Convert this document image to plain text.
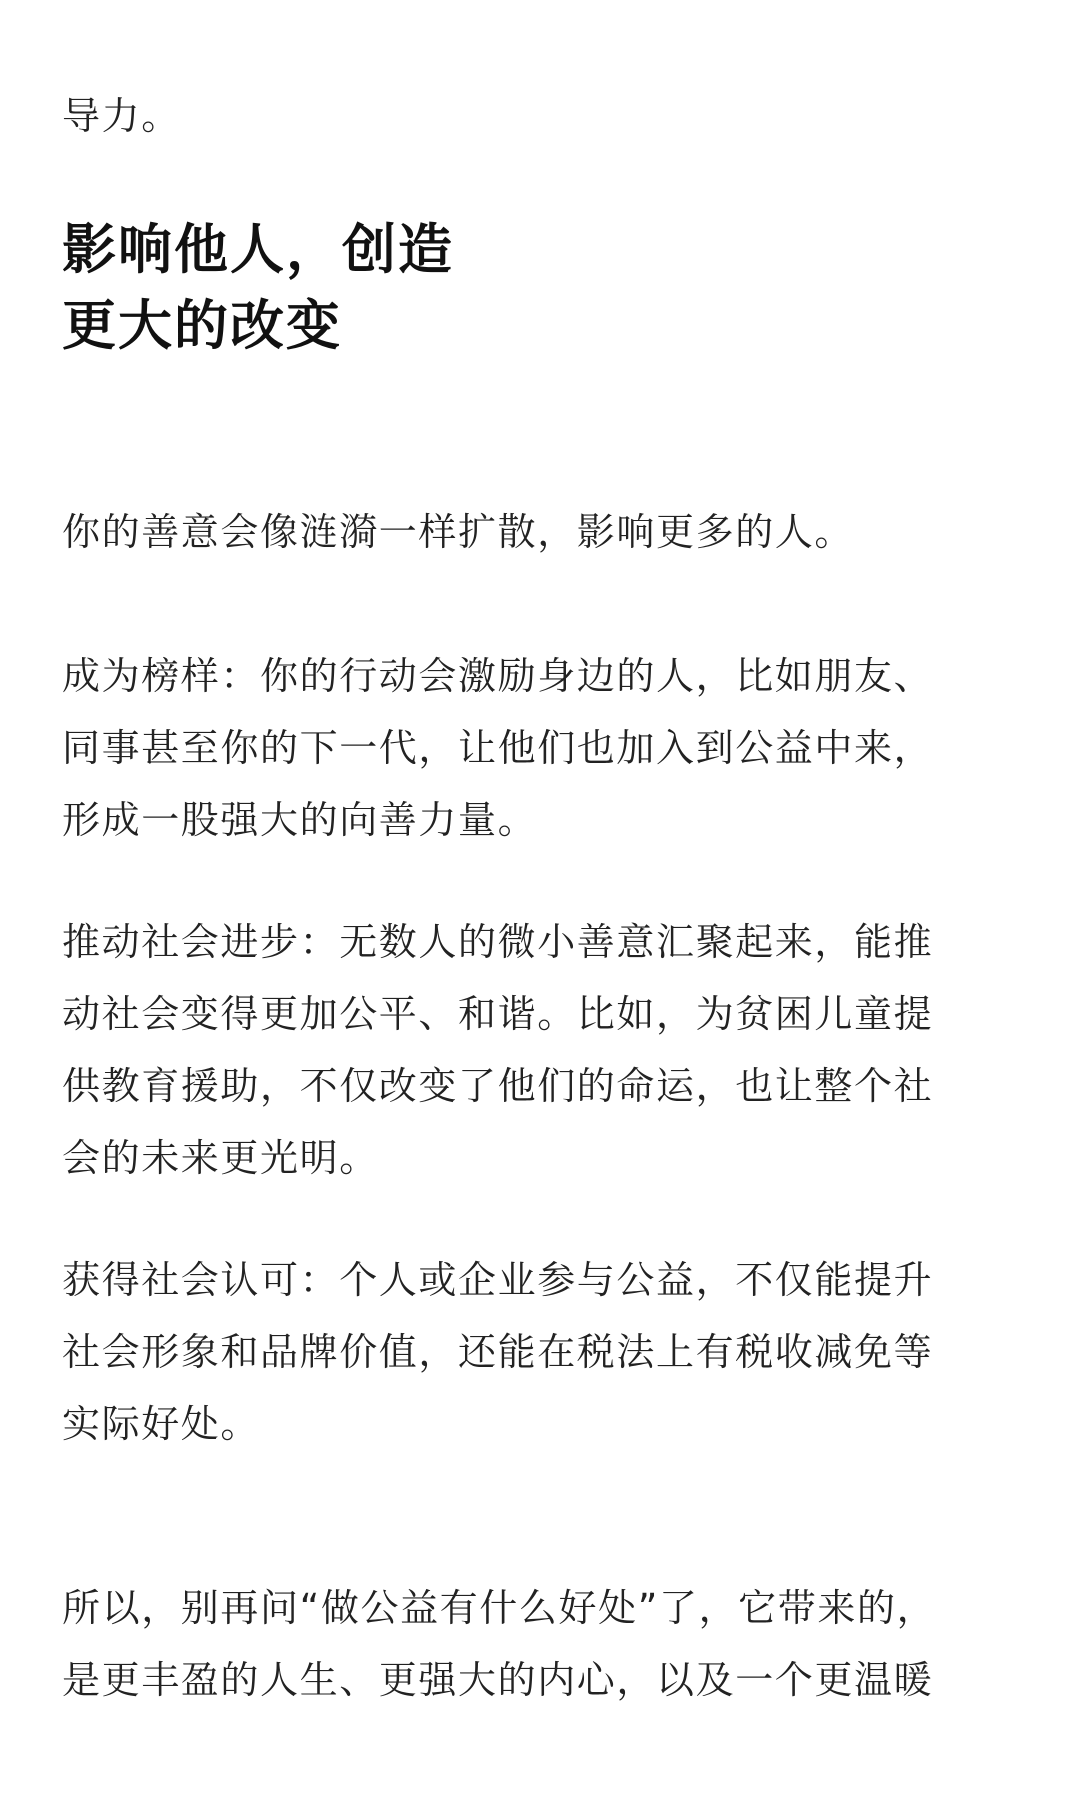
导力。

影响他人，创造
更大的改变

你的善意会像涟漪一样扩散，影响更多的人。

成为榜样：你的行动会激励身边的人，比如朋友、
同事甚至你的下一代，让他们也加入到公益中来，
形成一股强大的向善力量。

推动社会进步：无数人的微小善意汇聚起来，能推
动社会变得更加公平、和谐。比如，为贫困儿童提
供教育援助，不仅改变了他们的命运，也让整个社
会的未来更光明。

获得社会认可：个人或企业参与公益，不仅能提升
社会形象和品牌价值，还能在税法上有税收减免等
实际好处。

所以，别再问“做公益有什么好处”了，它带来的，
是更丰盈的人生、更强大的内心，以及一个更温暖
